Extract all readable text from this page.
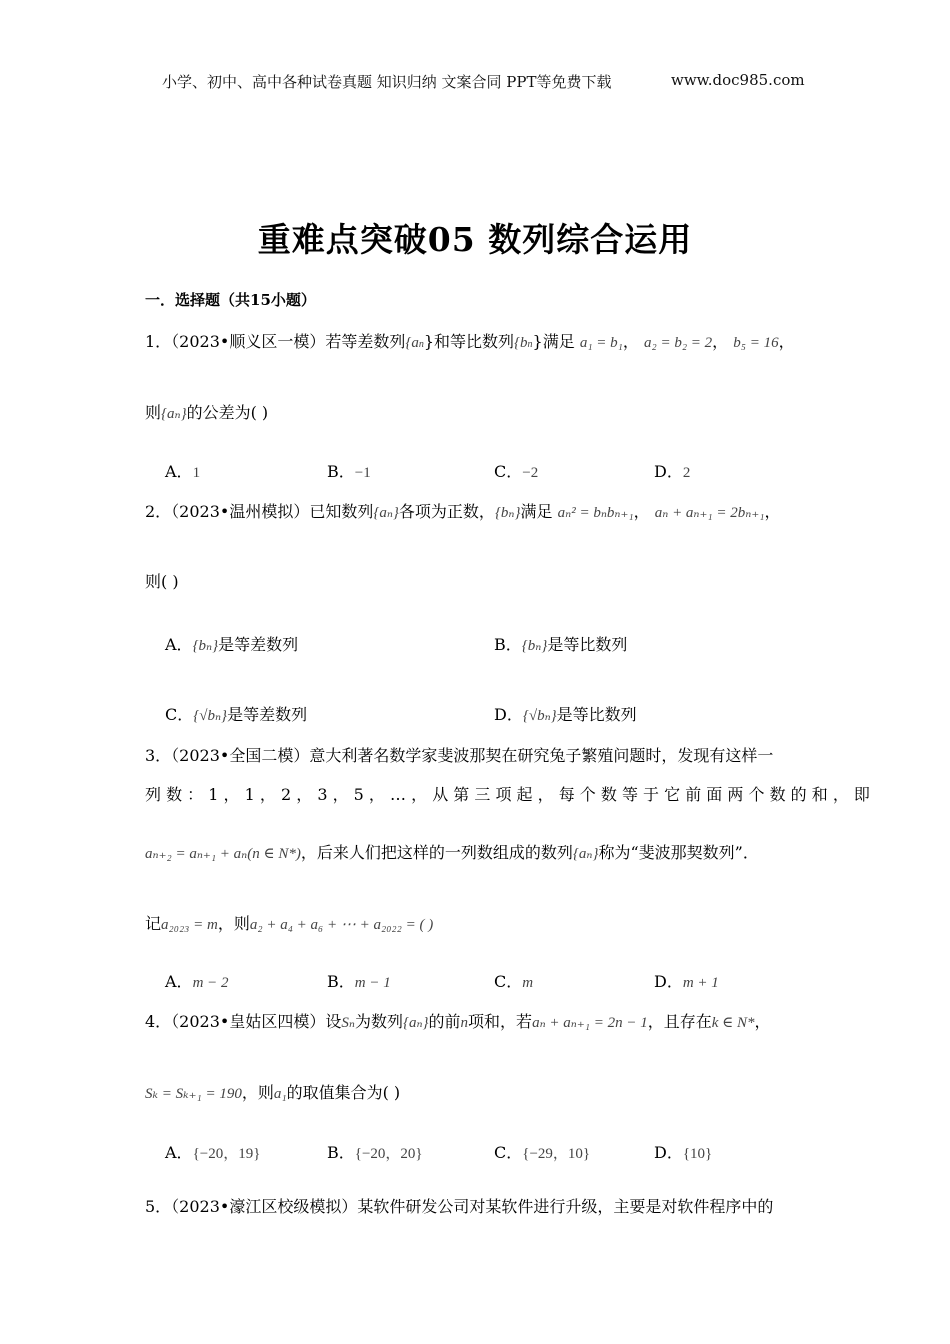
小学、初中、高中各种试卷真题 知识归纳 文案合同 PPT等免费下载	www.doc985.com
重难点突破05 数列综合运用
一．选择题（共15小题）
1．（2023•顺义区一模）若等差数列{an}和等比数列{bn}满足 a₁ = b₁， a₂ = b₂ = 2， b₅ = 16，
则{aₙ}的公差为( )
A．1	B．−1	C．−2	D．2
2．（2023•温州模拟）已知数列{aₙ}各项为正数，{bₙ}满足 aₙ² = bₙbₙ₊₁， aₙ + aₙ₊₁ = 2bₙ₊₁，
则( )
A．{bₙ}是等差数列	B．{bₙ}是等比数列
C．{√bₙ}是等差数列	D．{√bₙ}是等比数列
3．（2023•全国二模）意大利著名数学家斐波那契在研究兔子繁殖问题时，发现有这样一
列 数 ： 1 ， 1 ， 2 ， 3 ， 5 ， … ， 从 第 三 项 起 ， 每 个 数 等 于 它 前 面 两 个 数 的 和 ， 即
aₙ₊₂ = aₙ₊₁ + aₙ(n ∈ N*)，后来人们把这样的一列数组成的数列{aₙ}称为“斐波那契数列”．
记a₂₀₂₃ = m，则a₂ + a₄ + a₆ + ⋯ + a₂₀₂₂ = ( )
A．m − 2	B．m − 1	C．m	D．m + 1
4．（2023•皇姑区四模）设Sₙ为数列{aₙ}的前n项和，若aₙ + aₙ₊₁ = 2n − 1，且存在k ∈ N*，
Sₖ = Sₖ₊₁ = 190，则a₁的取值集合为( )
A．{−20，19}	B．{−20，20}	C．{−29，10}	D．{10}
5．（2023•濠江区校级模拟）某软件研发公司对某软件进行升级，主要是对软件程序中的
